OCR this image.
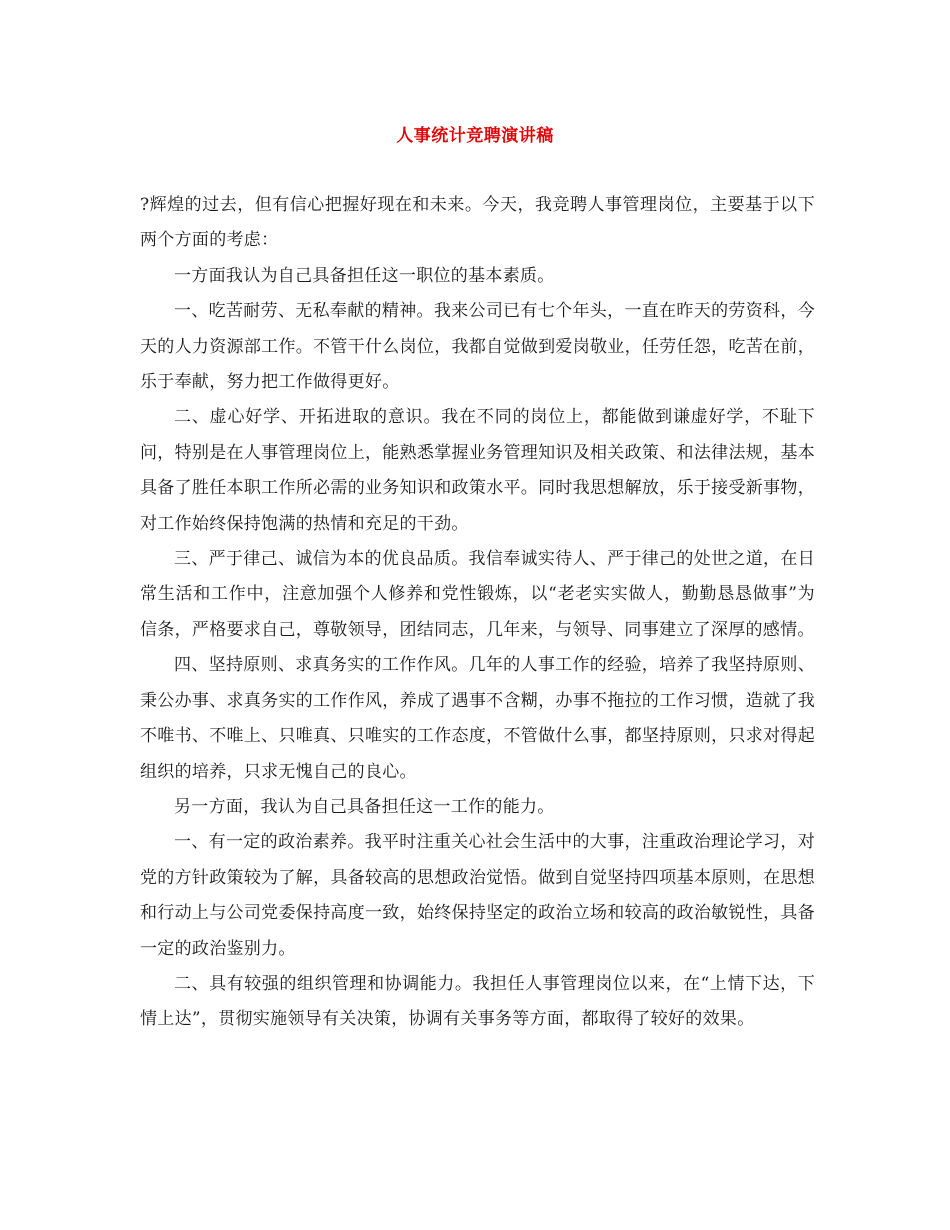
人事统计竞聘演讲稿

?辉煌的过去，但有信心把握好现在和未来。今天，我竞聘人事管理岗位，主要基于以下两个方面的考虑：

一方面我认为自己具备担任这一职位的基本素质。

一、吃苦耐劳、无私奉献的精神。我来公司已有七个年头，一直在昨天的劳资科，今天的人力资源部工作。不管干什么岗位，我都自觉做到爱岗敬业，任劳任怨，吃苦在前，乐于奉献，努力把工作做得更好。

二、虚心好学、开拓进取的意识。我在不同的岗位上，都能做到谦虚好学，不耻下问，特别是在人事管理岗位上，能熟悉掌握业务管理知识及相关政策、和法律法规，基本具备了胜任本职工作所必需的业务知识和政策水平。同时我思想解放，乐于接受新事物，对工作始终保持饱满的热情和充足的干劲。

三、严于律己、诚信为本的优良品质。我信奉诚实待人、严于律己的处世之道，在日常生活和工作中，注意加强个人修养和党性锻炼，以“老老实实做人，勤勤恳恳做事”为信条，严格要求自己，尊敬领导，团结同志，几年来，与领导、同事建立了深厚的感情。

四、坚持原则、求真务实的工作作风。几年的人事工作的经验，培养了我坚持原则、秉公办事、求真务实的工作作风，养成了遇事不含糊，办事不拖拉的工作习惯，造就了我不唯书、不唯上、只唯真、只唯实的工作态度，不管做什么事，都坚持原则，只求对得起组织的培养，只求无愧自己的良心。

另一方面，我认为自己具备担任这一工作的能力。

一、有一定的政治素养。我平时注重关心社会生活中的大事，注重政治理论学习，对党的方针政策较为了解，具备较高的思想政治觉悟。做到自觉坚持四项基本原则，在思想和行动上与公司党委保持高度一致，始终保持坚定的政治立场和较高的政治敏锐性，具备一定的政治鉴别力。

二、具有较强的组织管理和协调能力。我担任人事管理岗位以来，在“上情下达，下情上达”，贯彻实施领导有关决策，协调有关事务等方面，都取得了较好的效果。
